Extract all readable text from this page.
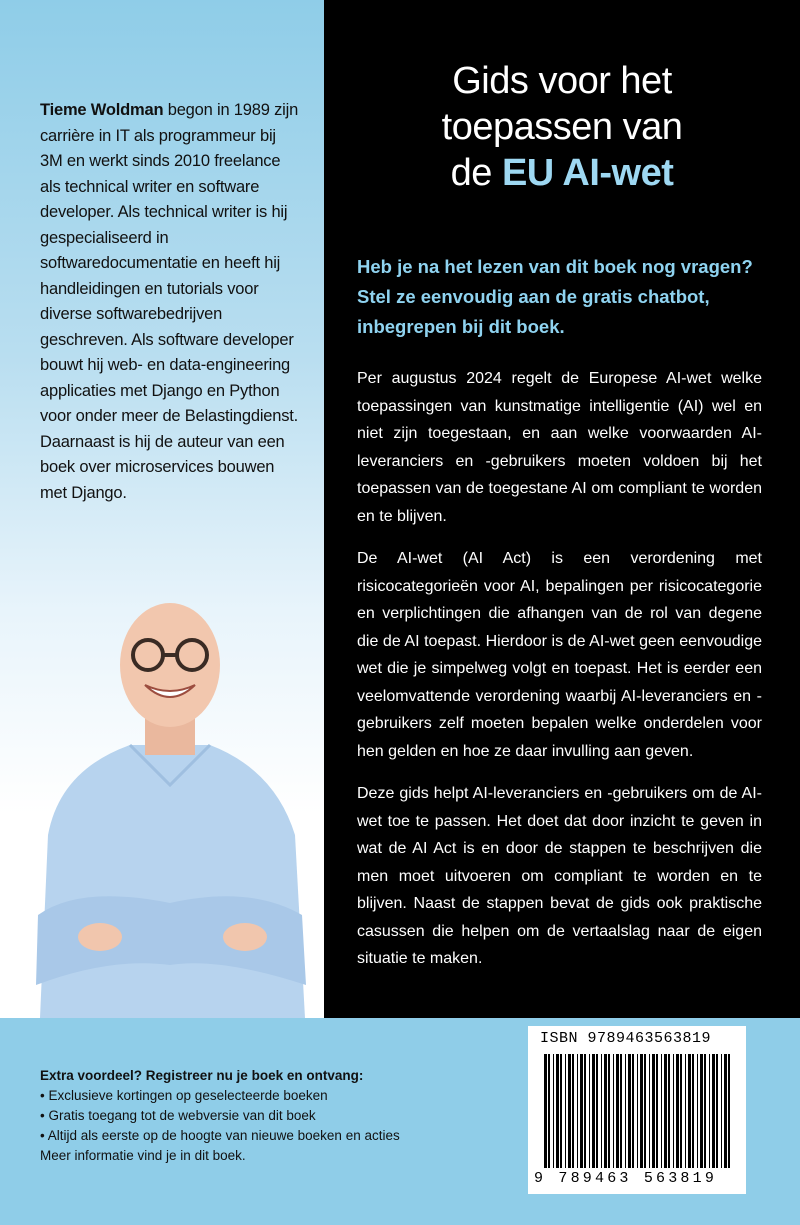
Tieme Woldman begon in 1989 zijn carrière in IT als programmeur bij 3M en werkt sinds 2010 freelance als technical writer en software developer. Als technical writer is hij gespecialiseerd in softwaredocumentatie en heeft hij handleidingen en tutorials voor diverse softwarebedrijven geschreven. Als software developer bouwt hij web- en data-engineering applicaties met Django en Python voor onder meer de Belastingdienst. Daarnaast is hij de auteur van een boek over microservices bouwen met Django.
Gids voor het
toepassen van
de EU AI-wet
Heb je na het lezen van dit boek nog vragen? Stel ze eenvoudig aan de gratis chatbot, inbegrepen bij dit boek.
Per augustus 2024 regelt de Europese AI-wet welke toepassingen van kunstmatige intelligentie (AI) wel en niet zijn toegestaan, en aan welke voorwaarden AI-leveranciers en -gebruikers moeten voldoen bij het toepassen van de toegestane AI om compliant te worden en te blijven.
De AI-wet (AI Act) is een verordening met risicocategorieën voor AI, bepalingen per risicocategorie en verplichtingen die afhangen van de rol van degene die de AI toepast. Hierdoor is de AI-wet geen eenvoudige wet die je simpelweg volgt en toepast. Het is eerder een veelomvattende verordening waarbij AI-leveranciers en -gebruikers zelf moeten bepalen welke onderdelen voor hen gelden en hoe ze daar invulling aan geven.
Deze gids helpt AI-leveranciers en -gebruikers om de AI-wet toe te passen. Het doet dat door inzicht te geven in wat de AI Act is en door de stappen te beschrijven die men moet uitvoeren om compliant te worden en te blijven. Naast de stappen bevat de gids ook praktische casussen die helpen om de vertaalslag naar de eigen situatie te maken.
Extra voordeel? Registreer nu je boek en ontvang:
• Exclusieve kortingen op geselecteerde boeken
• Gratis toegang tot de webversie van dit boek
• Altijd als eerste op de hoogte van nieuwe boeken en acties
Meer informatie vind je in dit boek.
ISBN 9789463563819
9 789463 563819
